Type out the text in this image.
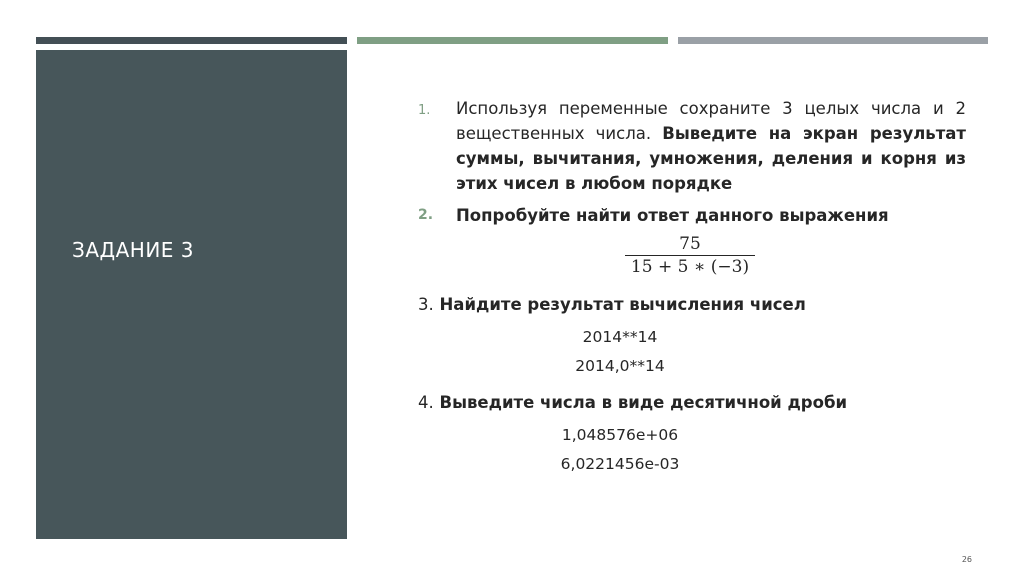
ЗАДАНИЕ 3
1.	Используя переменные сохраните 3 целых числа и 2 вещественных числа. Выведите на экран результат суммы, вычитания, умножения, деления и корня из этих чисел в любом порядке
2.	Попробуйте найти ответ данного выражения
75
15 + 5 ∗ (−3)
3. Найдите результат вычисления чисел
2014**14
2014,0**14
4. Выведите числа в виде десятичной дроби
1,048576e+06
6,0221456e-03
26
